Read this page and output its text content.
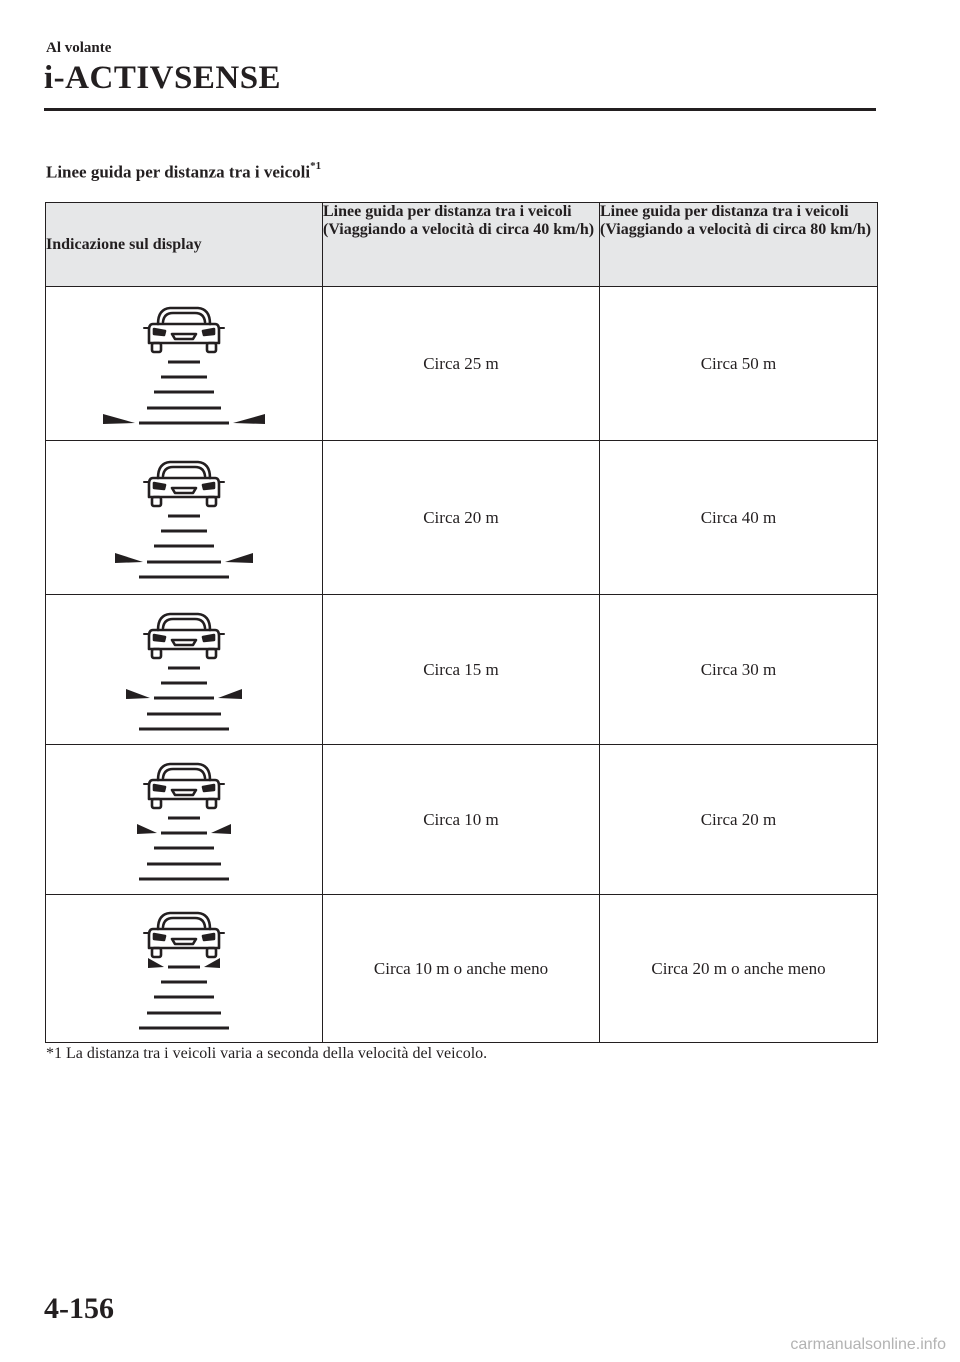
Al volante
i-ACTIVSENSE
Linee guida per distanza tra i veicoli$^{*1}$
Indicazione sul display	Linee guida per distanza tra i veicoli (Viaggiando a velocità di circa 40 km/h)	Linee guida per distanza tra i veicoli (Viaggiando a velocità di circa 80 km/h)

	Circa 25 m	Circa 50 m

	Circa 20 m	Circa 40 m

	Circa 15 m	Circa 30 m

	Circa 10 m	Circa 20 m

	Circa 10 m o anche meno	Circa 20 m o anche meno
*1 La distanza tra i veicoli varia a seconda della velocità del veicolo.
4-156
carmanualsonline.info
